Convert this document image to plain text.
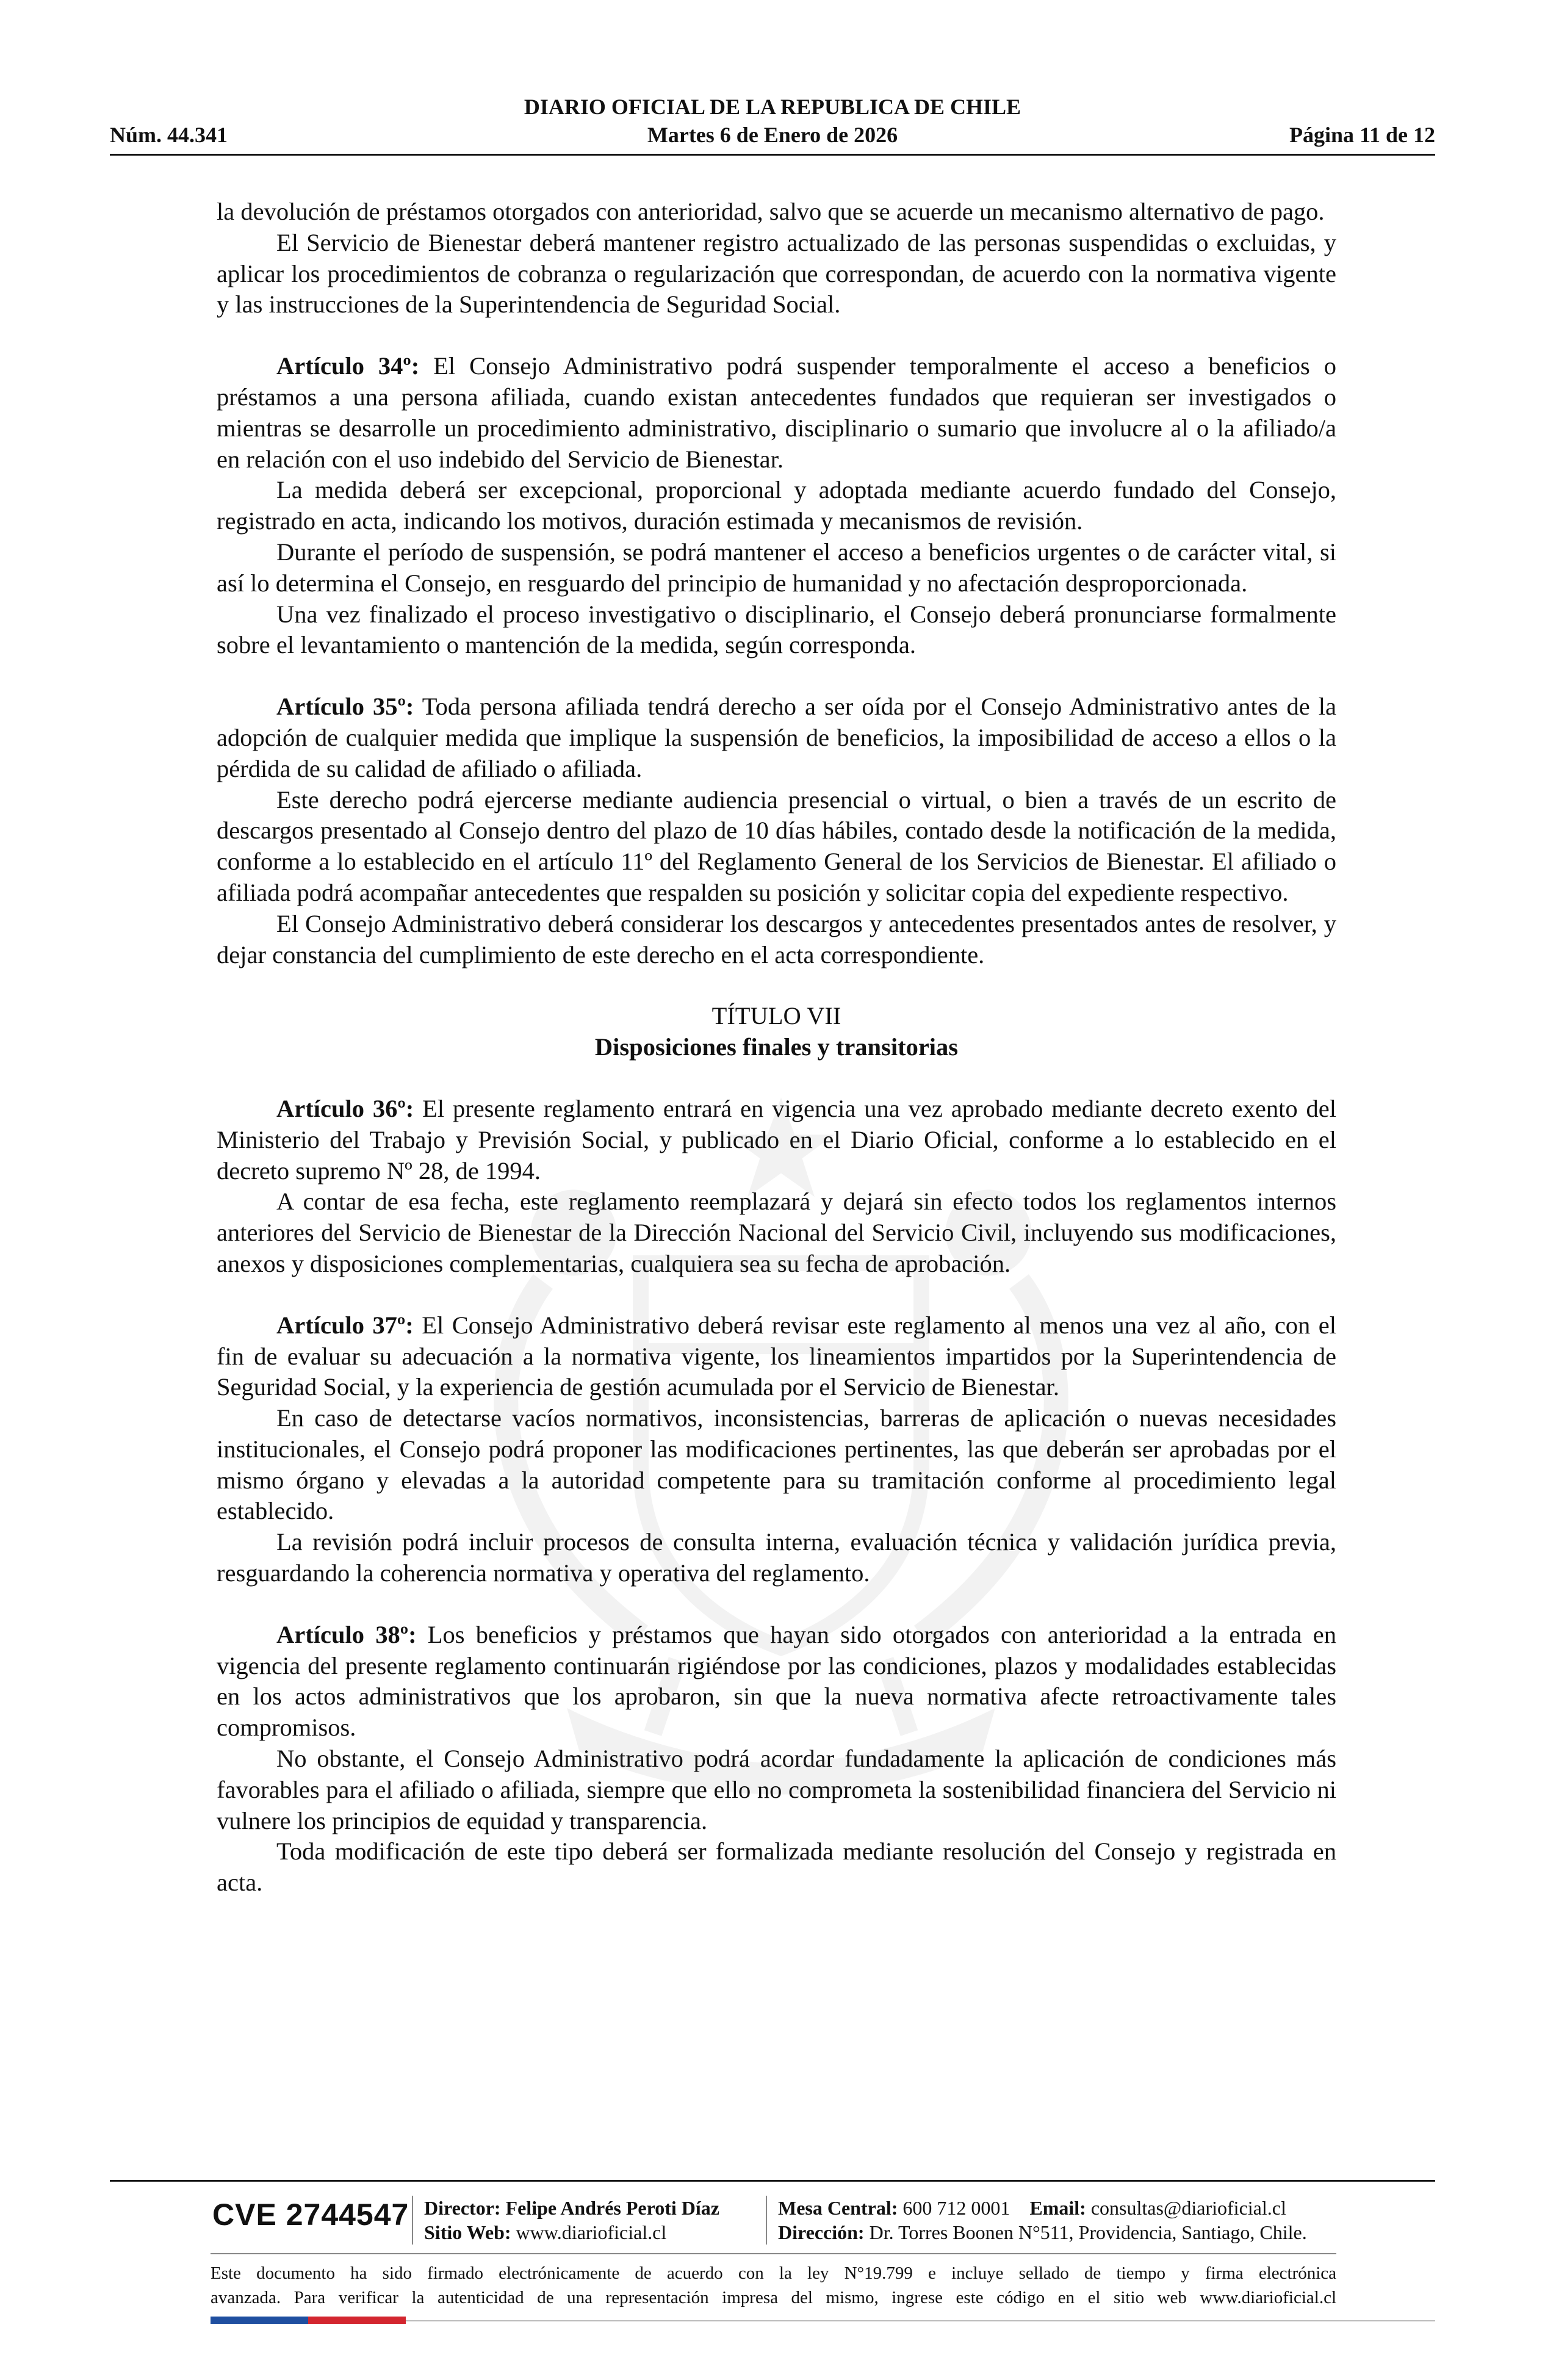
DIARIO OFICIAL DE LA REPUBLICA DE CHILE
Núm. 44.341	Martes 6 de Enero de 2026	Página 11 de 12

la devolución de préstamos otorgados con anterioridad, salvo que se acuerde un mecanismo alternativo de pago.

El Servicio de Bienestar deberá mantener registro actualizado de las personas suspendidas o excluidas, y aplicar los procedimientos de cobranza o regularización que correspondan, de acuerdo con la normativa vigente y las instrucciones de la Superintendencia de Seguridad Social.

Artículo 34º: El Consejo Administrativo podrá suspender temporalmente el acceso a beneficios o préstamos a una persona afiliada, cuando existan antecedentes fundados que requieran ser investigados o mientras se desarrolle un procedimiento administrativo, disciplinario o sumario que involucre al o la afiliado/a en relación con el uso indebido del Servicio de Bienestar.

La medida deberá ser excepcional, proporcional y adoptada mediante acuerdo fundado del Consejo, registrado en acta, indicando los motivos, duración estimada y mecanismos de revisión.

Durante el período de suspensión, se podrá mantener el acceso a beneficios urgentes o de carácter vital, si así lo determina el Consejo, en resguardo del principio de humanidad y no afectación desproporcionada.

Una vez finalizado el proceso investigativo o disciplinario, el Consejo deberá pronunciarse formalmente sobre el levantamiento o mantención de la medida, según corresponda.

Artículo 35º: Toda persona afiliada tendrá derecho a ser oída por el Consejo Administrativo antes de la adopción de cualquier medida que implique la suspensión de beneficios, la imposibilidad de acceso a ellos o la pérdida de su calidad de afiliado o afiliada.

Este derecho podrá ejercerse mediante audiencia presencial o virtual, o bien a través de un escrito de descargos presentado al Consejo dentro del plazo de 10 días hábiles, contado desde la notificación de la medida, conforme a lo establecido en el artículo 11º del Reglamento General de los Servicios de Bienestar. El afiliado o afiliada podrá acompañar antecedentes que respalden su posición y solicitar copia del expediente respectivo.

El Consejo Administrativo deberá considerar los descargos y antecedentes presentados antes de resolver, y dejar constancia del cumplimiento de este derecho en el acta correspondiente.

TÍTULO VII
Disposiciones finales y transitorias

Artículo 36º: El presente reglamento entrará en vigencia una vez aprobado mediante decreto exento del Ministerio del Trabajo y Previsión Social, y publicado en el Diario Oficial, conforme a lo establecido en el decreto supremo Nº 28, de 1994.

A contar de esa fecha, este reglamento reemplazará y dejará sin efecto todos los reglamentos internos anteriores del Servicio de Bienestar de la Dirección Nacional del Servicio Civil, incluyendo sus modificaciones, anexos y disposiciones complementarias, cualquiera sea su fecha de aprobación.

Artículo 37º: El Consejo Administrativo deberá revisar este reglamento al menos una vez al año, con el fin de evaluar su adecuación a la normativa vigente, los lineamientos impartidos por la Superintendencia de Seguridad Social, y la experiencia de gestión acumulada por el Servicio de Bienestar.

En caso de detectarse vacíos normativos, inconsistencias, barreras de aplicación o nuevas necesidades institucionales, el Consejo podrá proponer las modificaciones pertinentes, las que deberán ser aprobadas por el mismo órgano y elevadas a la autoridad competente para su tramitación conforme al procedimiento legal establecido.

La revisión podrá incluir procesos de consulta interna, evaluación técnica y validación jurídica previa, resguardando la coherencia normativa y operativa del reglamento.

Artículo 38º: Los beneficios y préstamos que hayan sido otorgados con anterioridad a la entrada en vigencia del presente reglamento continuarán rigiéndose por las condiciones, plazos y modalidades establecidas en los actos administrativos que los aprobaron, sin que la nueva normativa afecte retroactivamente tales compromisos.

No obstante, el Consejo Administrativo podrá acordar fundadamente la aplicación de condiciones más favorables para el afiliado o afiliada, siempre que ello no comprometa la sostenibilidad financiera del Servicio ni vulnere los principios de equidad y transparencia.

Toda modificación de este tipo deberá ser formalizada mediante resolución del Consejo y registrada en acta.

CVE 2744547 Director: Felipe Andrés Peroti Díaz
Sitio Web: www.diarioficial.cl
Mesa Central: 600 712 0001 Email: consultas@diarioficial.cl
Dirección: Dr. Torres Boonen N°511, Providencia, Santiago, Chile.
Este documento ha sido firmado electrónicamente de acuerdo con la ley N°19.799 e incluye sellado de tiempo y firma electrónica
avanzada. Para verificar la autenticidad de una representación impresa del mismo, ingrese este código en el sitio web www.diarioficial.cl
